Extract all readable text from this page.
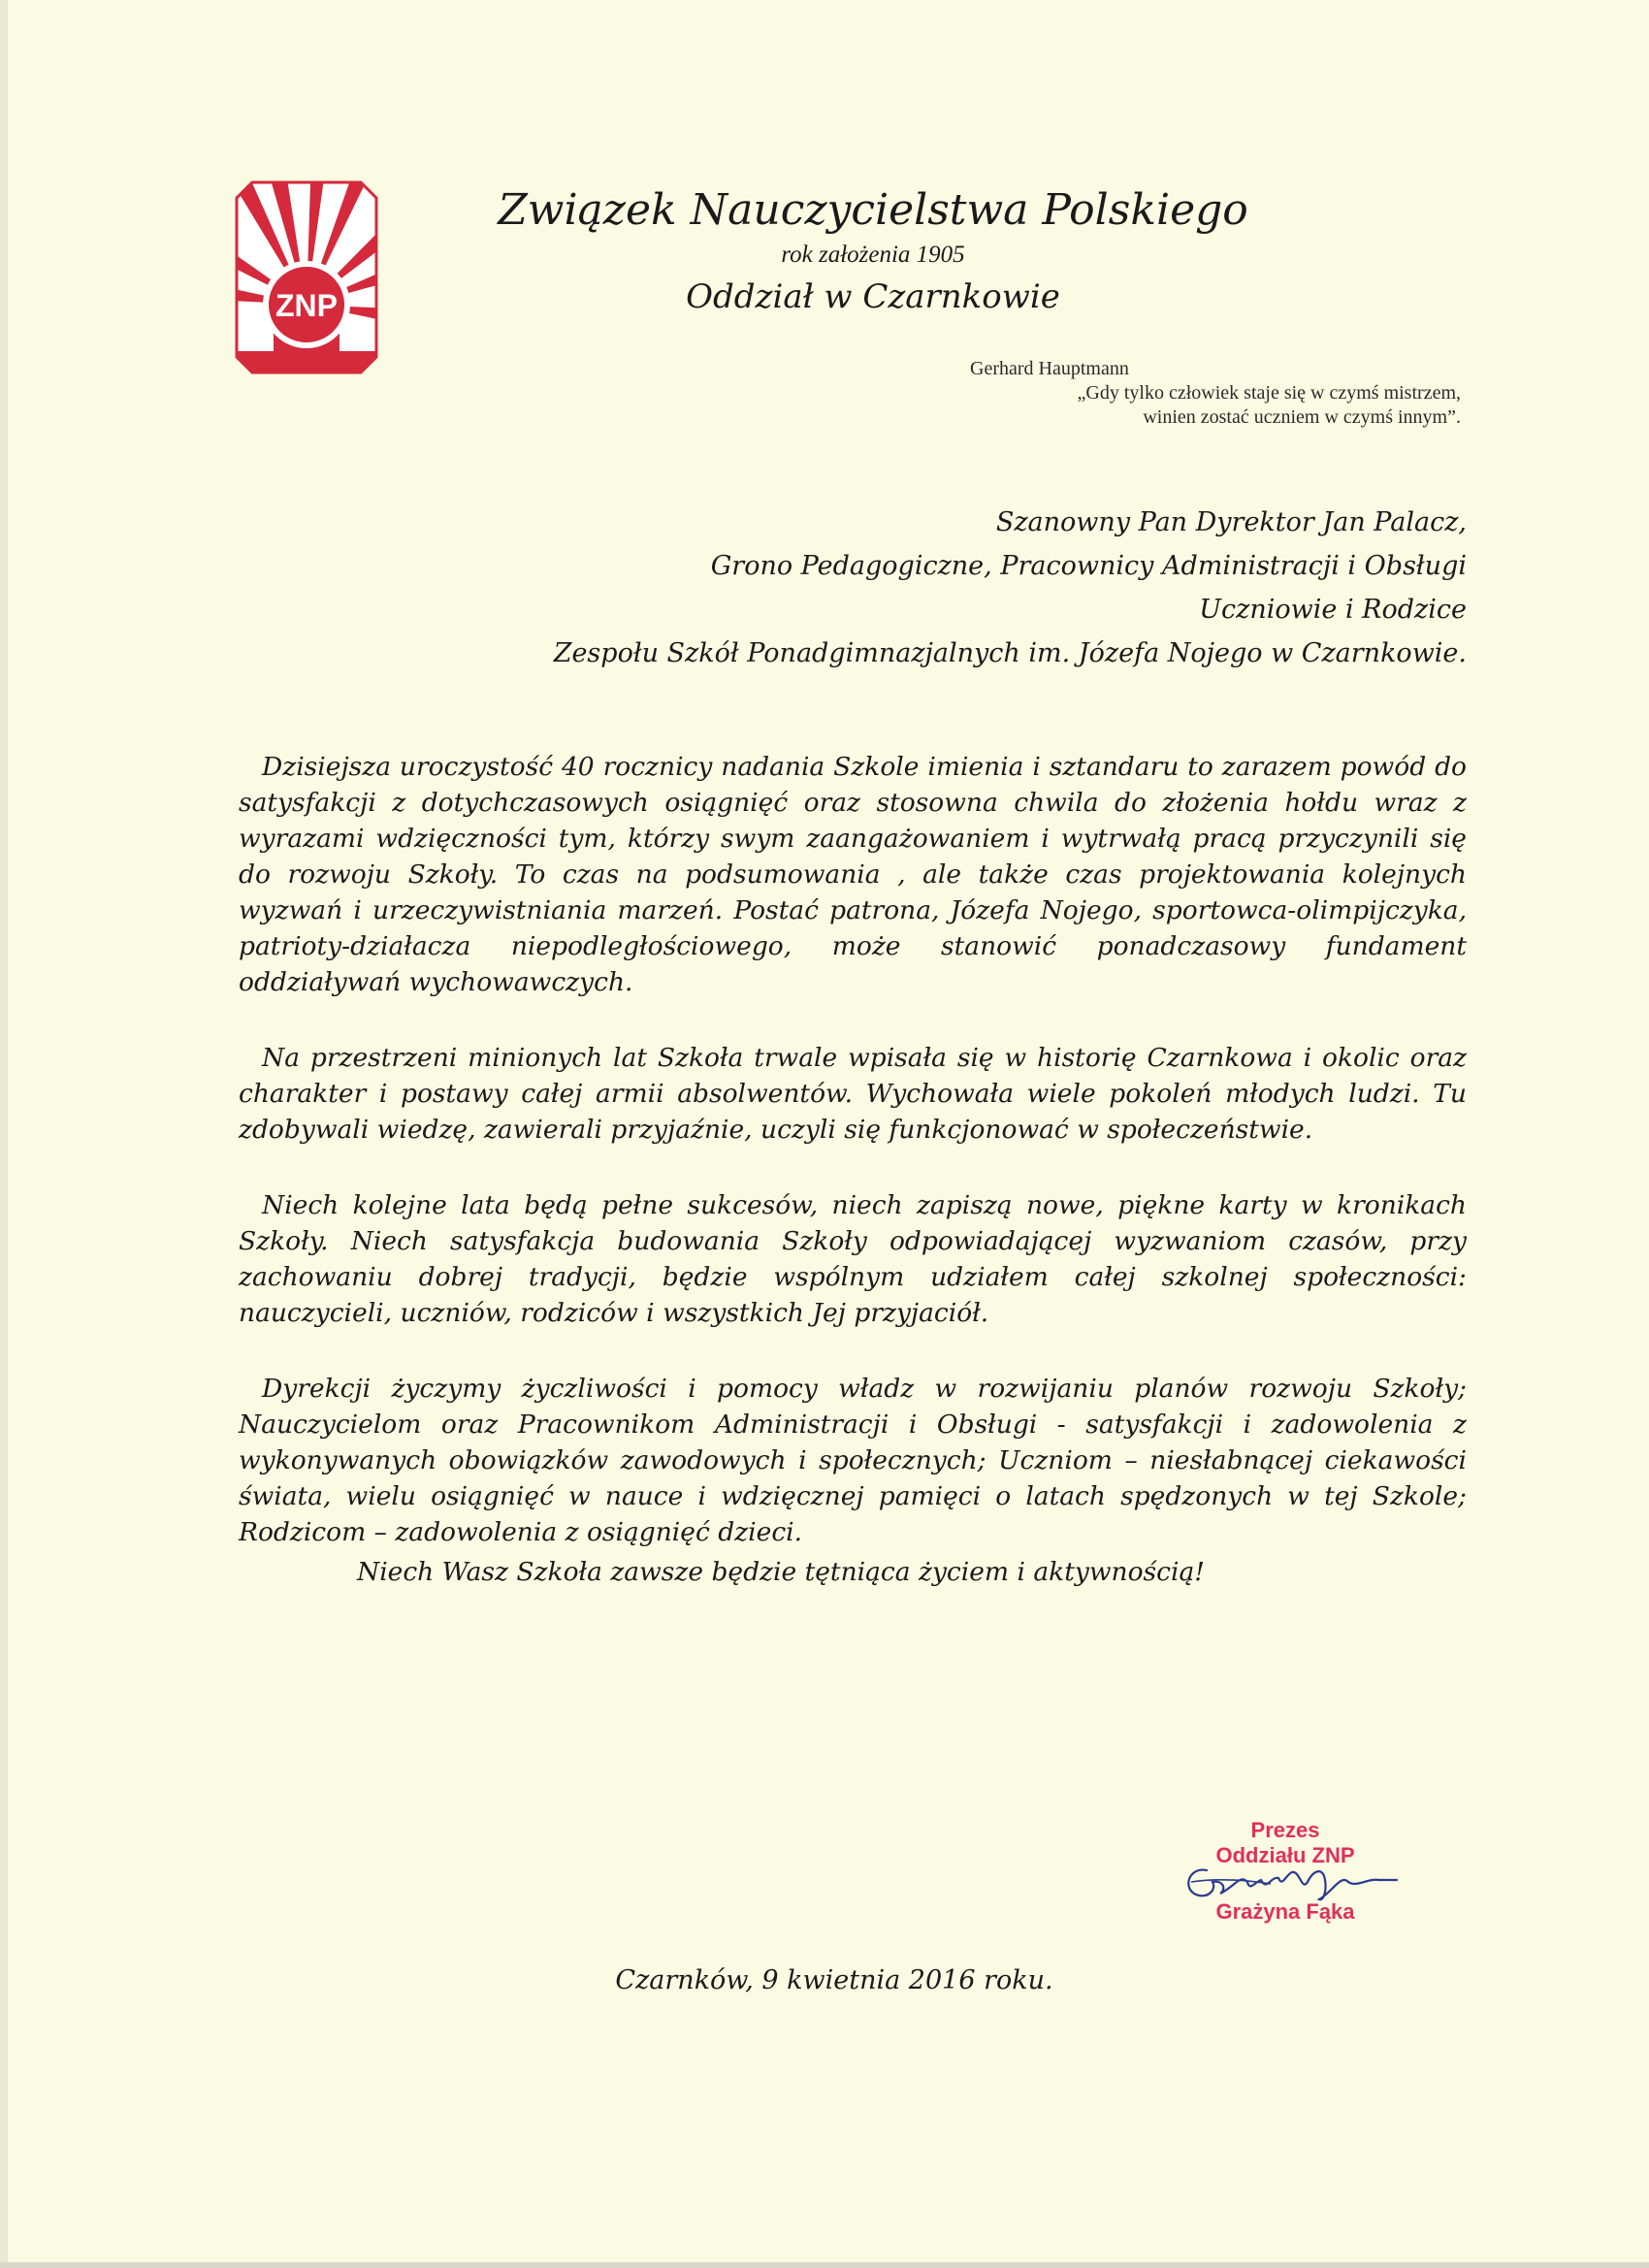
ZNP
Związek Nauczycielstwa Polskiego
rok założenia 1905
Oddział w Czarnkowie
Gerhard Hauptmann
„Gdy tylko człowiek staje się w czymś mistrzem,
winien zostać uczniem w czymś innym”.
Szanowny Pan Dyrektor Jan Palacz,
Grono Pedagogiczne, Pracownicy Administracji i Obsługi
Uczniowie i Rodzice
Zespołu Szkół Ponadgimnazjalnych im. Józefa Nojego w Czarnkowie.

Dzisiejsza uroczystość 40 rocznicy nadania Szkole imienia i sztandaru to zarazem powód do satysfakcji z dotychczasowych osiągnięć oraz stosowna chwila do złożenia hołdu wraz z wyrazami wdzięczności tym, którzy swym zaangażowaniem i wytrwałą pracą przyczynili się do rozwoju Szkoły. To czas na podsumowania , ale także czas projektowania kolejnych wyzwań i urzeczywistniania marzeń. Postać patrona, Józefa Nojego, sportowca-olimpijczyka, patrioty-działacza niepodległościowego, może stanowić ponadczasowy fundament oddziaływań wychowawczych.

Na przestrzeni minionych lat Szkoła trwale wpisała się w historię Czarnkowa i okolic oraz charakter i postawy całej armii absolwentów. Wychowała wiele pokoleń młodych ludzi. Tu zdobywali wiedzę, zawierali przyjaźnie, uczyli się funkcjonować w społeczeństwie.

Niech kolejne lata będą pełne sukcesów, niech zapiszą nowe, piękne karty w kronikach Szkoły. Niech satysfakcja budowania Szkoły odpowiadającej wyzwaniom czasów, przy zachowaniu dobrej tradycji, będzie wspólnym udziałem całej szkolnej społeczności: nauczycieli, uczniów, rodziców i wszystkich Jej przyjaciół.

Dyrekcji życzymy życzliwości i pomocy władz w rozwijaniu planów rozwoju Szkoły; Nauczycielom oraz Pracownikom Administracji i Obsługi - satysfakcji i zadowolenia z wykonywanych obowiązków zawodowych i społecznych; Uczniom – niesłabnącej ciekawości świata, wielu osiągnięć w nauce i wdzięcznej pamięci o latach spędzonych w tej Szkole; Rodzicom – zadowolenia z osiągnięć dzieci.

Niech Wasz Szkoła zawsze będzie tętniąca życiem i aktywnością!

Prezes
Oddziału ZNP
Grażyna Fąka
Czarnków, 9 kwietnia 2016 roku.
